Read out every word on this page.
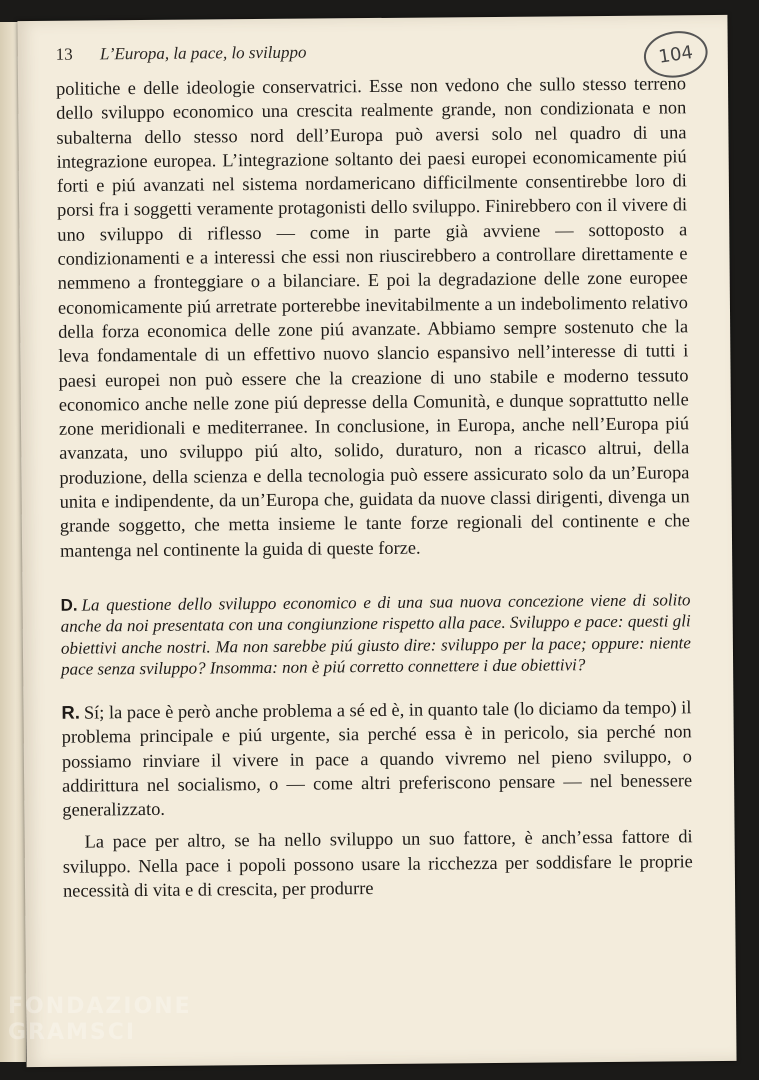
13 L’Europa, la pace, lo sviluppo	104

politiche e delle ideologie conservatrici. Esse non vedono che sullo stesso terreno dello sviluppo economico una crescita realmente grande, non condizionata e non subalterna dello stesso nord dell’Europa può aversi solo nel quadro di una integrazione europea. L’integrazione soltanto dei paesi europei economicamente piú forti e piú avanzati nel sistema nordamericano difficilmente consentirebbe loro di porsi fra i soggetti veramente protagonisti dello sviluppo. Finirebbero con il vivere di uno sviluppo di riflesso — come in parte già avviene — sottoposto a condizionamenti e a interessi che essi non riuscirebbero a controllare direttamente e nemmeno a fronteggiare o a bilanciare. E poi la degradazione delle zone europee economicamente piú arretrate porterebbe inevitabilmente a un indebolimento relativo della forza economica delle zone piú avanzate. Abbiamo sempre sostenuto che la leva fondamentale di un effettivo nuovo slancio espansivo nell’interesse di tutti i paesi europei non può essere che la creazione di uno stabile e moderno tessuto economico anche nelle zone piú depresse della Comunità, e dunque soprattutto nelle zone meridionali e mediterranee. In conclusione, in Europa, anche nell’Europa piú avanzata, uno sviluppo piú alto, solido, duraturo, non a ricasco altrui, della produzione, della scienza e della tecnologia può essere assicurato solo da un’Europa unita e indipendente, da un’Europa che, guidata da nuove classi dirigenti, divenga un grande soggetto, che metta insieme le tante forze regionali del continente e che mantenga nel continente la guida di queste forze.

D. La questione dello sviluppo economico e di una sua nuova concezione viene di solito anche da noi presentata con una congiunzione rispetto alla pace. Sviluppo e pace: questi gli obiettivi anche nostri. Ma non sarebbe piú giusto dire: sviluppo per la pace; oppure: niente pace senza sviluppo? Insomma: non è piú corretto connettere i due obiettivi?

R. Sí; la pace è però anche problema a sé ed è, in quanto tale (lo diciamo da tempo) il problema principale e piú urgente, sia perché essa è in pericolo, sia perché non possiamo rinviare il vivere in pace a quando vivremo nel pieno sviluppo, o addirittura nel socialismo, o — come altri preferiscono pensare — nel benessere generalizzato.

La pace per altro, se ha nello sviluppo un suo fattore, è anch’essa fattore di sviluppo. Nella pace i popoli possono usare la ricchezza per soddisfare le proprie necessità di vita e di crescita, per produrre

FONDAZIONE
GRAMSCI
